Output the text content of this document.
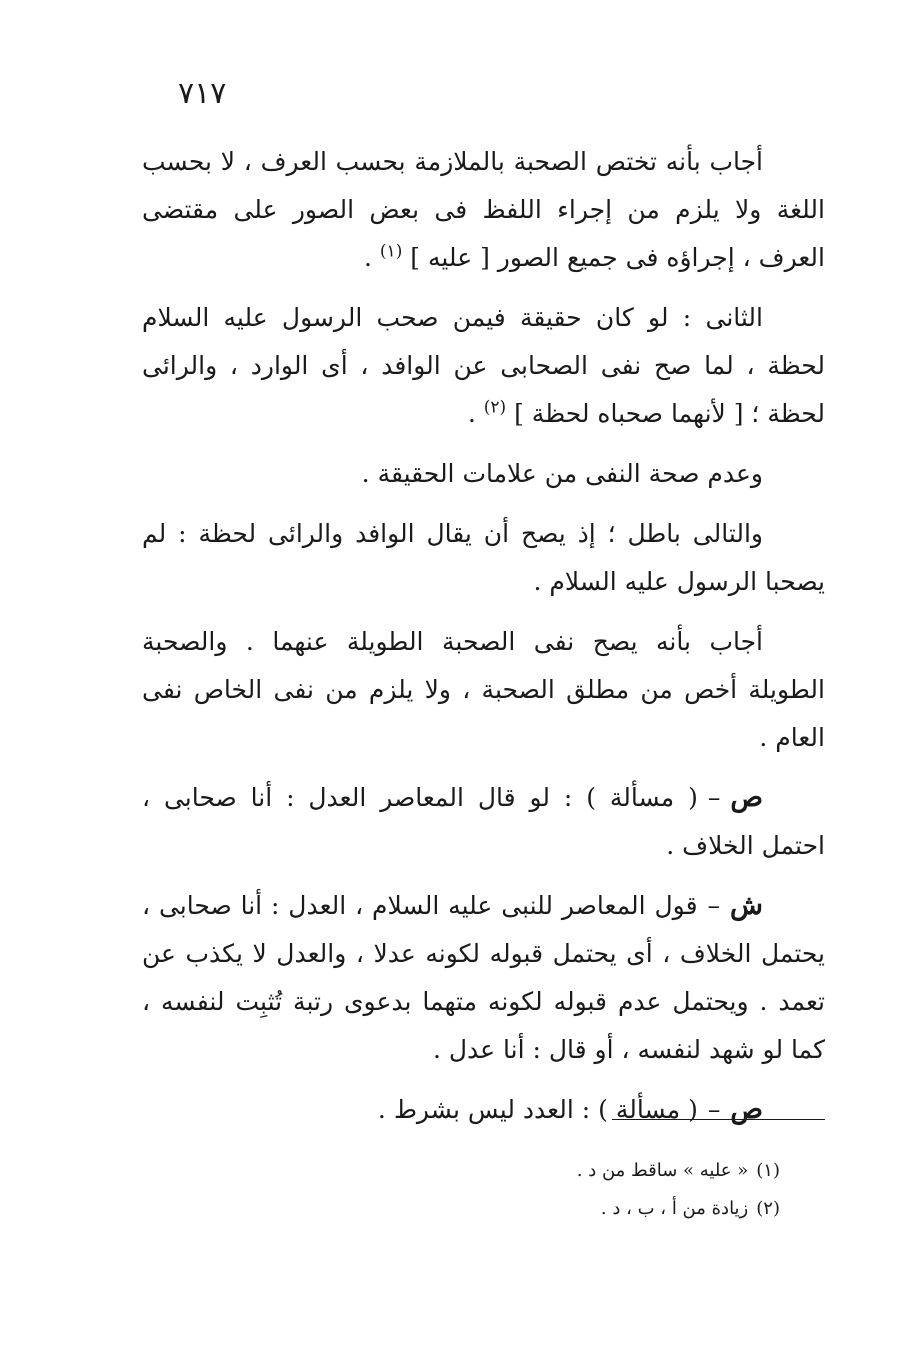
٧١٧

أجاب بأنه تختص الصحبة بالملازمة بحسب العرف ، لا بحسب اللغة ولا يلزم من إجراء اللفظ فى بعض الصور على مقتضى العرف ، إجراؤه فى جميع الصور [ عليه ] $^{(١)}$ .

الثانى : لو كان حقيقة فيمن صحب الرسول عليه السلام لحظة ، لما صح نفى الصحابى عن الوافد ، أى الوارد ، والرائى لحظة ؛ [ لأنهما صحباه لحظة ] $^{(٢)}$ .

وعدم صحة النفى من علامات الحقيقة .

والتالى باطل ؛ إذ يصح أن يقال الوافد والرائى لحظة : لم يصحبا الرسول عليه السلام .

أجاب بأنه يصح نفى الصحبة الطويلة عنهما . والصحبة الطويلة أخص من مطلق الصحبة ، ولا يلزم من نفى الخاص نفى العام .

ص–( مسألة ) : لو قال المعاصر العدل : أنا صحابى ، احتمل الخلاف .

ش–قول المعاصر للنبى عليه السلام ، العدل : أنا صحابى ، يحتمل الخلاف ، أى يحتمل قبوله لكونه عدلا ، والعدل لا يكذب عن تعمد . ويحتمل عدم قبوله لكونه متهما بدعوى رتبة تُثبِت لنفسه ، كما لو شهد لنفسه ، أو قال : أنا عدل .

ص–( مسألة ) : العدد ليس بشرط .

(١)« عليه » ساقط من د .
(٢)زيادة من أ ، ب ، د .
